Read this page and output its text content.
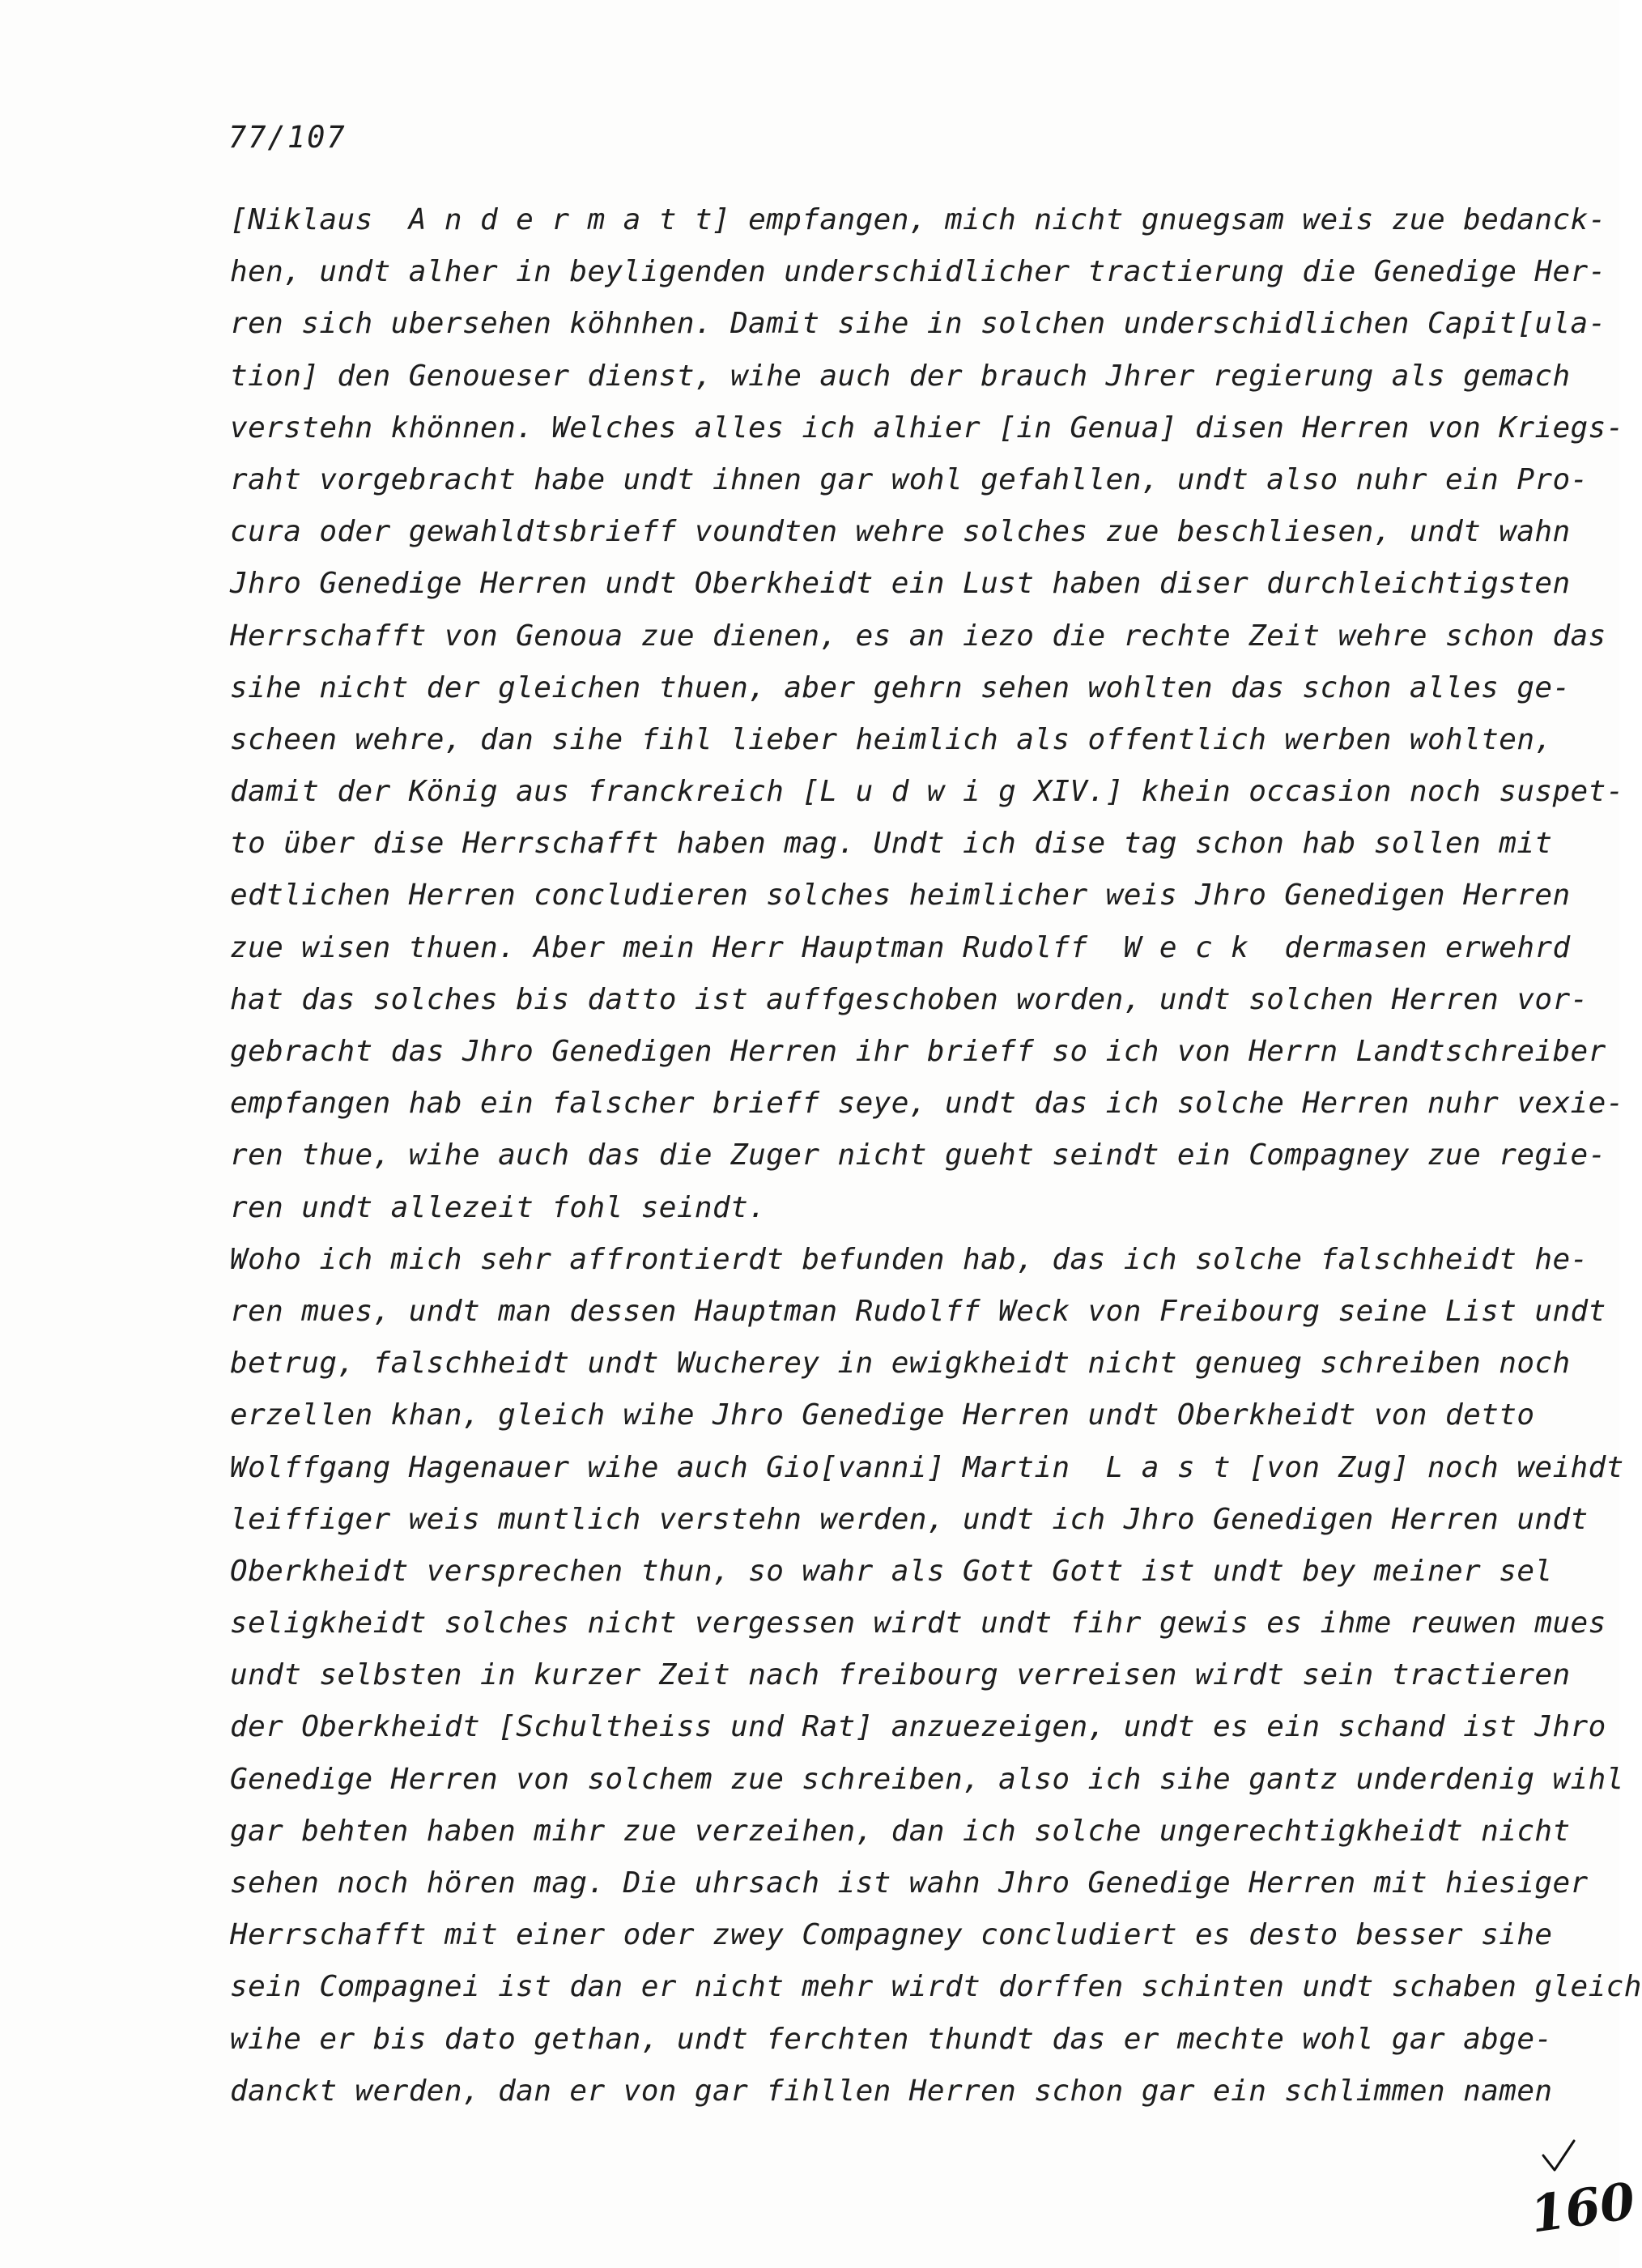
77/107

[Niklaus  A n d e r m a t t] empfangen, mich nicht gnuegsam weis zue bedanck-
hen, undt alher in beyligenden underschidlicher tractierung die Genedige Her-
ren sich ubersehen köhnhen. Damit sihe in solchen underschidlichen Capit[ula-
tion] den Genoueser dienst, wihe auch der brauch Jhrer regierung als gemach
verstehn khönnen. Welches alles ich alhier [in Genua] disen Herren von Kriegs-
raht vorgebracht habe undt ihnen gar wohl gefahllen, undt also nuhr ein Pro-
cura oder gewahldtsbrieff voundten wehre solches zue beschliesen, undt wahn
Jhro Genedige Herren undt Oberkheidt ein Lust haben diser durchleichtigsten
Herrschafft von Genoua zue dienen, es an iezo die rechte Zeit wehre schon das
sihe nicht der gleichen thuen, aber gehrn sehen wohlten das schon alles ge-
scheen wehre, dan sihe fihl lieber heimlich als offentlich werben wohlten,
damit der König aus franckreich [L u d w i g XIV.] khein occasion noch suspet-
to über dise Herrschafft haben mag. Undt ich dise tag schon hab sollen mit
edtlichen Herren concludieren solches heimlicher weis Jhro Genedigen Herren
zue wisen thuen. Aber mein Herr Hauptman Rudolff  W e c k  dermasen erwehrd
hat das solches bis datto ist auffgeschoben worden, undt solchen Herren vor-
gebracht das Jhro Genedigen Herren ihr brieff so ich von Herrn Landtschreiber
empfangen hab ein falscher brieff seye, undt das ich solche Herren nuhr vexie-
ren thue, wihe auch das die Zuger nicht gueht seindt ein Compagney zue regie-
ren undt allezeit fohl seindt.
Woho ich mich sehr affrontierdt befunden hab, das ich solche falschheidt he-
ren mues, undt man dessen Hauptman Rudolff Weck von Freibourg seine List undt
betrug, falschheidt undt Wucherey in ewigkheidt nicht genueg schreiben noch
erzellen khan, gleich wihe Jhro Genedige Herren undt Oberkheidt von detto
Wolffgang Hagenauer wihe auch Gio[vanni] Martin  L a s t [von Zug] noch weihdt
leiffiger weis muntlich verstehn werden, undt ich Jhro Genedigen Herren undt
Oberkheidt versprechen thun, so wahr als Gott Gott ist undt bey meiner sel
seligkheidt solches nicht vergessen wirdt undt fihr gewis es ihme reuwen mues
undt selbsten in kurzer Zeit nach freibourg verreisen wirdt sein tractieren
der Oberkheidt [Schultheiss und Rat] anzuezeigen, undt es ein schand ist Jhro
Genedige Herren von solchem zue schreiben, also ich sihe gantz underdenig wihl
gar behten haben mihr zue verzeihen, dan ich solche ungerechtigkheidt nicht
sehen noch hören mag. Die uhrsach ist wahn Jhro Genedige Herren mit hiesiger
Herrschafft mit einer oder zwey Compagney concludiert es desto besser sihe
sein Compagnei ist dan er nicht mehr wirdt dorffen schinten undt schaben gleich
wihe er bis dato gethan, undt ferchten thundt das er mechte wohl gar abge-
danckt werden, dan er von gar fihllen Herren schon gar ein schlimmen namen
160
